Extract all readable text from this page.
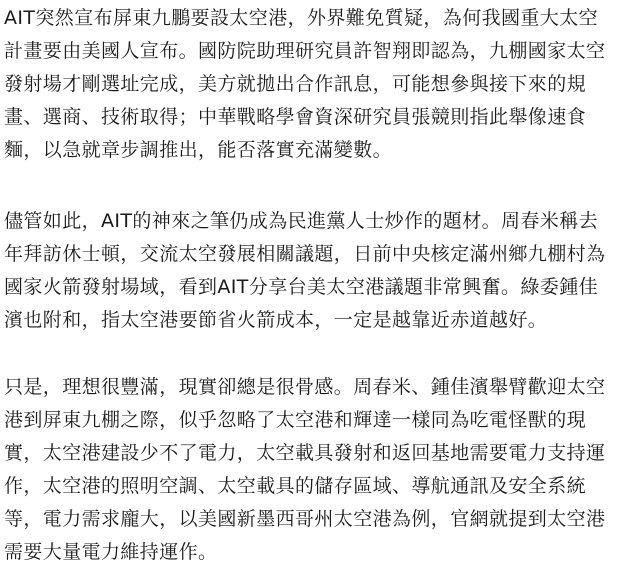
AIT突然宣布屏東九鵬要設太空港，外界難免質疑，為何我國重大太空
計畫要由美國人宣布。國防院助理研究員許智翔即認為，九棚國家太空
發射場才剛選址完成，美方就拋出合作訊息，可能想參與接下來的規
畫、選商、技術取得；中華戰略學會資深研究員張競則指此舉像速食
麵，以急就章步調推出，能否落實充滿變數。

儘管如此，AIT的神來之筆仍成為民進黨人士炒作的題材。周春米稱去
年拜訪休士頓，交流太空發展相關議題，日前中央核定滿州鄉九棚村為
國家火箭發射場域，看到AIT分享台美太空港議題非常興奮。綠委鍾佳
濱也附和，指太空港要節省火箭成本，一定是越靠近赤道越好。

只是，理想很豐滿，現實卻總是很骨感。周春米、鍾佳濱舉臂歡迎太空
港到屏東九棚之際，似乎忽略了太空港和輝達一樣同為吃電怪獸的現
實，太空港建設少不了電力，太空載具發射和返回基地需要電力支持運
作，太空港的照明空調、太空載具的儲存區域、導航通訊及安全系統
等，電力需求龐大，以美國新墨西哥州太空港為例，官網就提到太空港
需要大量電力維持運作。
